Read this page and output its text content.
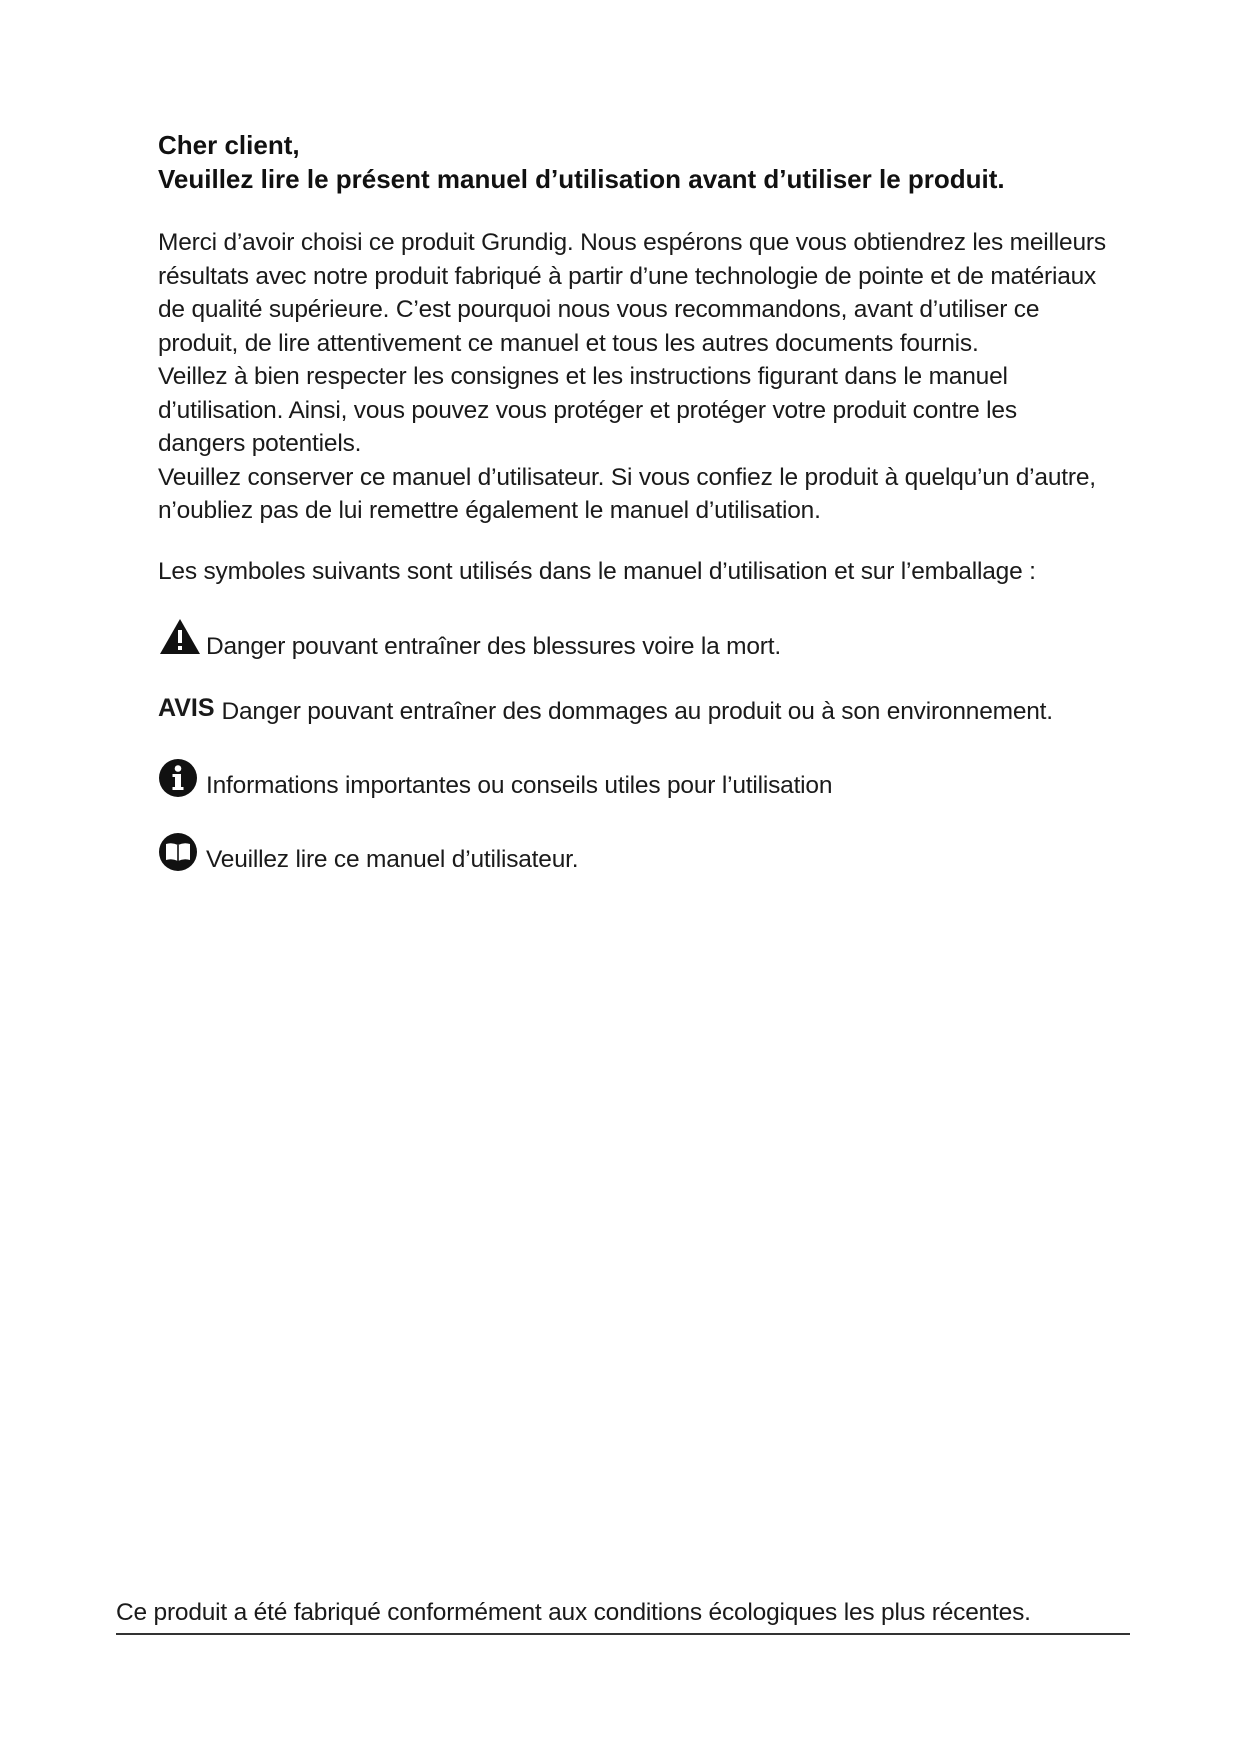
Cher client,

Veuillez lire le présent manuel d’utilisation avant d’utiliser le produit.

Merci d’avoir choisi ce produit Grundig. Nous espérons que vous obtiendrez les meilleurs résultats avec notre produit fabriqué à partir d’une technologie de pointe et de matériaux de qualité supérieure. C’est pourquoi nous vous recommandons, avant d’utiliser ce produit, de lire attentivement ce manuel et tous les autres documents fournis.

Veillez à bien respecter les consignes et les instructions figurant dans le manuel d’utilisation. Ainsi, vous pouvez vous protéger et protéger votre produit contre les dangers potentiels.

Veuillez conserver ce manuel d’utilisateur. Si vous confiez le produit à quelqu’un d’autre, n’oubliez pas de lui remettre également le manuel d’utilisation.

Les symboles suivants sont utilisés dans le manuel d’utilisation et sur l’emballage :
Danger pouvant entraîner des blessures voire la mort.
AVIS Danger pouvant entraîner des dommages au produit ou à son environnement.
Informations importantes ou conseils utiles pour l’utilisation
Veuillez lire ce manuel d’utilisateur.
Ce produit a été fabriqué conformément aux conditions écologiques les plus récentes.
